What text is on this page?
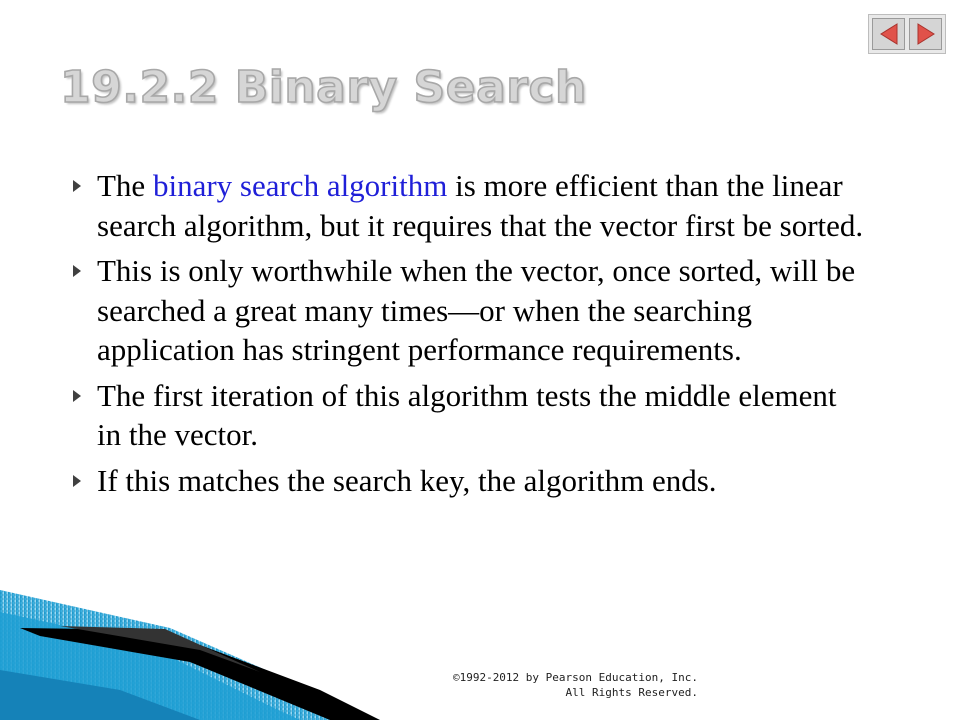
19.2.2 Binary Search
The binary search algorithm is more efficient than the linear search algorithm, but it requires that the vector first be sorted.
This is only worthwhile when the vector, once sorted, will be searched a great many times—or when the searching application has stringent performance requirements.
The first iteration of this algorithm tests the middle element in the vector.
If this matches the search key, the algorithm ends.
©1992-2012 by Pearson Education, Inc.
All Rights Reserved.
